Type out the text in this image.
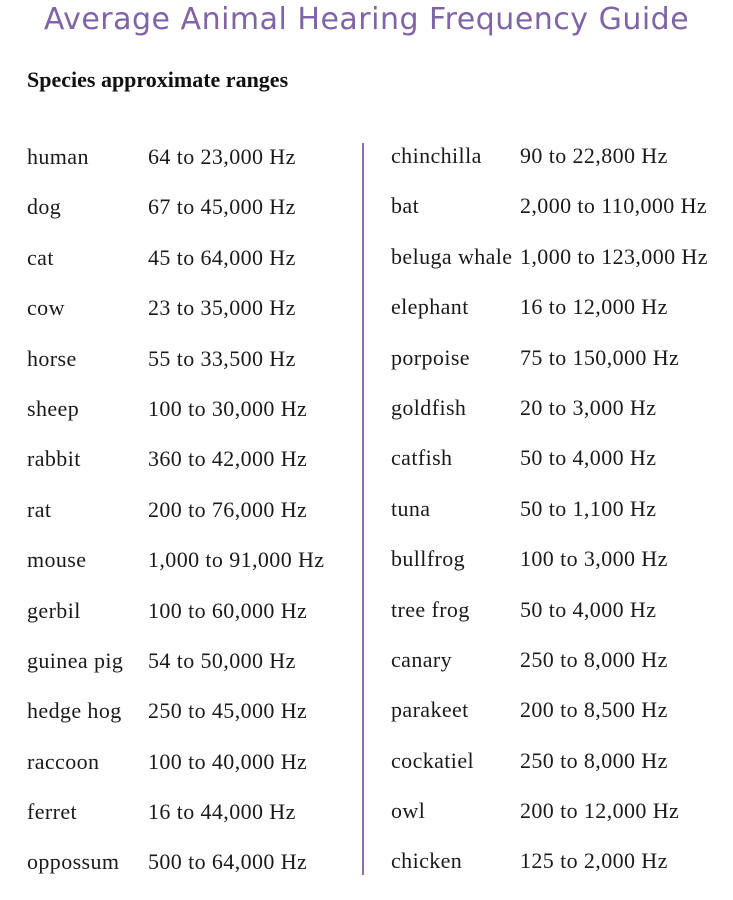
Average Animal Hearing Frequency Guide
Species approximate ranges
human	64 to 23,000 Hz
dog	67 to 45,000 Hz
cat	45 to 64,000 Hz
cow	23 to 35,000 Hz
horse	55 to 33,500 Hz
sheep	100 to 30,000 Hz
rabbit	360 to 42,000 Hz
rat	200 to 76,000 Hz
mouse	1,000 to 91,000 Hz
gerbil	100 to 60,000 Hz
guinea pig 54 to 50,000 Hz
hedge hog 250 to 45,000 Hz
raccoon 100 to 40,000 Hz
ferret	16 to 44,000 Hz
oppossum 500 to 64,000 Hz
chinchilla 90 to 22,800 Hz
bat	2,000 to 110,000 Hz
beluga whale 1,000 to 123,000 Hz
elephant 16 to 12,000 Hz
porpoise 75 to 150,000 Hz
goldfish 20 to 3,000 Hz
catfish	50 to 4,000 Hz
tuna	50 to 1,100 Hz
bullfrog 100 to 3,000 Hz
tree frog 50 to 4,000 Hz
canary	250 to 8,000 Hz
parakeet 200 to 8,500 Hz
cockatiel 250 to 8,000 Hz
owl	200 to 12,000 Hz
chicken	125 to 2,000 Hz
